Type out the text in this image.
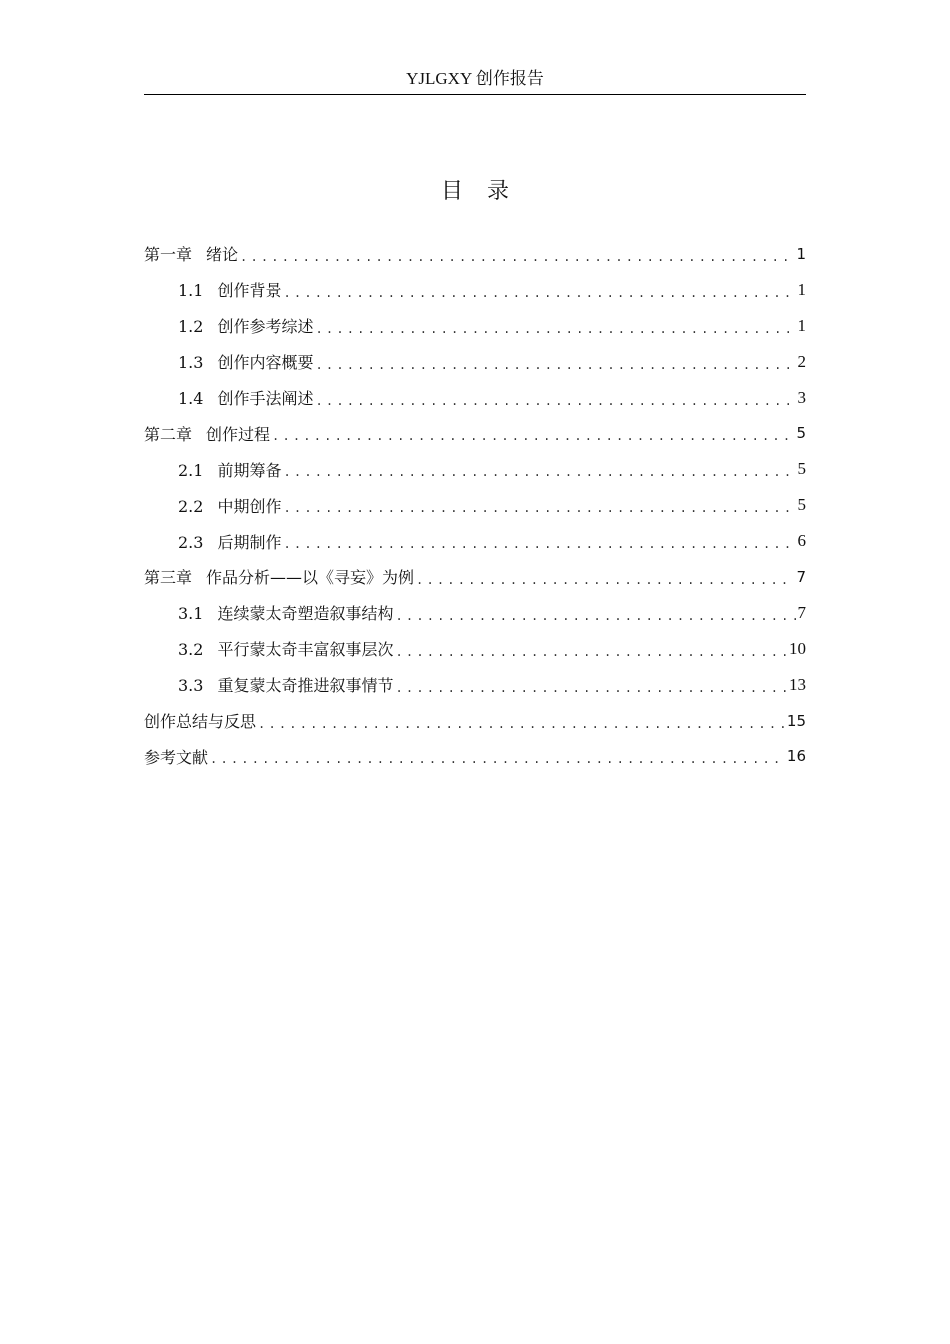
YJLGXY 创作报告
目录
第一章 绪论 .....	1
1.1 创作背景 .....	1
1.2 创作参考综述 .....	1
1.3 创作内容概要 .....	2
1.4 创作手法阐述 .....	3
第二章 创作过程 .....	5
2.1 前期筹备 .....	5
2.2 中期创作 .....	5
2.3 后期制作 .....	6
第三章 作品分析——以《寻妄》为例 .....	7
3.1 连续蒙太奇塑造叙事结构 .....	7
3.2 平行蒙太奇丰富叙事层次 .....	10
3.3 重复蒙太奇推进叙事情节 .....	13
创作总结与反思 .....	15
参考文献 .....	16
